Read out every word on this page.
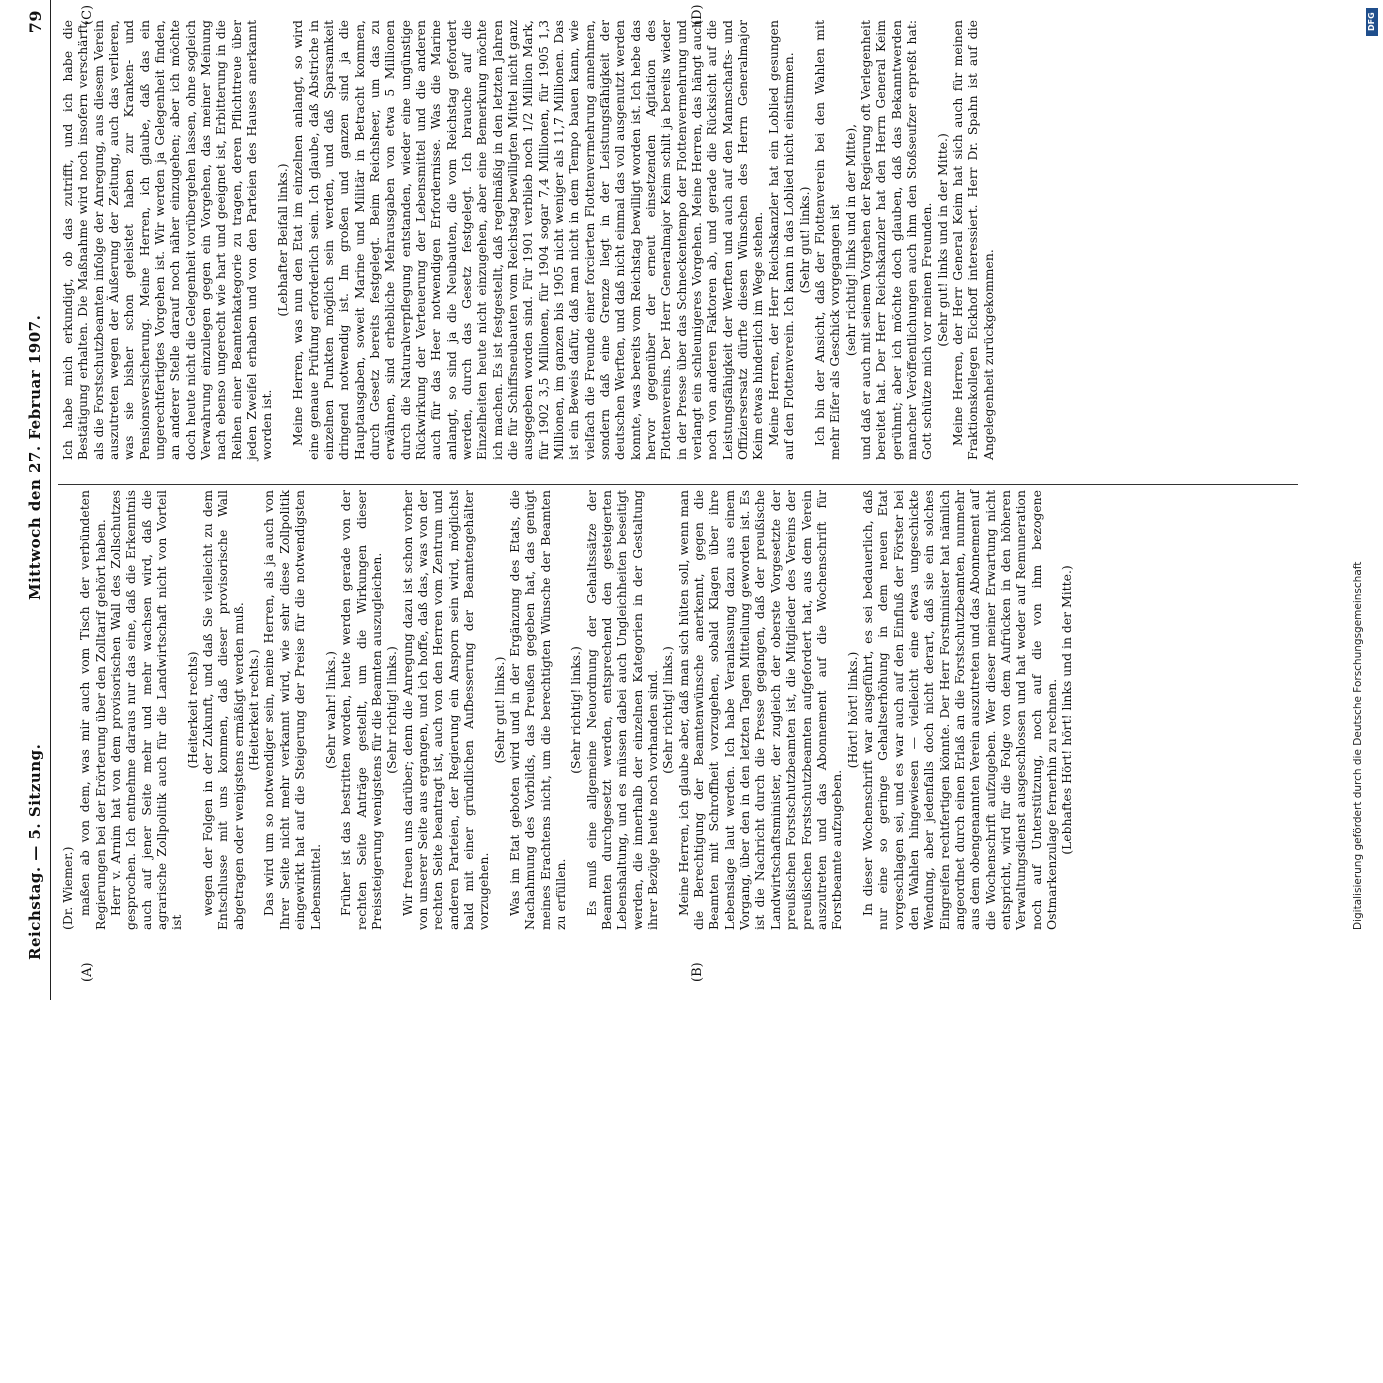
Reichstag. — 5. Sitzung.
Mittwoch den 27. Februar 1907.
79
(A)	(B)
(C)	(D)

(Dr. Wiemer.) maßen ab von dem, was mir auch vom Tisch der verbündeten Regierungen bei der Erörterung über den Zolltarif gehört haben. Herr v. Arnim hat von dem provisorischen Wall des Zollschutzes gesprochen. Ich entnehme daraus nur das eine, daß die Erkenntnis auch auf jener Seite mehr und mehr wachsen wird, daß die agrarische Zollpolitik auch für die Landwirtschaft nicht von Vorteil ist

(Heiterkeit rechts) wegen der Folgen in der Zukunft, und daß Sie vielleicht zu dem Entschlusse mit uns kommen, daß dieser provisorische Wall abgetragen oder wenigstens ermäßigt werden muß. (Heiterkeit rechts.) Das wird um so notwendiger sein, meine Herren, als ja auch von Ihrer Seite nicht mehr verkannt wird, wie sehr diese Zollpolitik eingewirkt hat auf die Steigerung der Preise für die notwendigsten Lebensmittel.

(Sehr wahr! links.) Früher ist das bestritten worden, heute werden gerade von der rechten Seite Anträge gestellt, um die Wirkungen dieser Preissteigerung wenigstens für die Beamten auszugleichen. (Sehr richtig! links.) Wir freuen uns darüber; denn die Anregung dazu ist schon vorher von unserer Seite aus ergangen, und ich hoffe, daß das, was von der rechten Seite beantragt ist, auch von den Herren vom Zentrum und anderen Parteien, der Regierung ein Ansporn sein wird, möglichst bald mit einer gründlichen Aufbesserung der Beamtengehälter vorzugehen.

(Sehr gut! links.) Was im Etat geboten wird und in der Ergänzung des Etats, die Nachahmung des Vorbilds, das Preußen gegeben hat, das genügt meines Erachtens nicht, um die berechtigten Wünsche der Beamten zu erfüllen.

(Sehr richtig! links.) Es muß eine allgemeine Neuordnung der Gehaltssätze der Beamten durchgesetzt werden, entsprechend den gesteigerten Lebenshaltung, und es müssen dabei auch Ungleichheiten beseitigt werden, die innerhalb der einzelnen Kategorien in der Gestaltung ihrer Bezüge heute noch vorhanden sind. (Sehr richtig! links.) Meine Herren, ich glaube aber, daß man sich hüten soll, wenn man die Berechtigung der Beamtenwünsche anerkennt, gegen die Beamten mit Schroffheit vorzugehen, sobald Klagen über ihre Lebenslage laut werden. Ich habe Veranlassung dazu aus einem Vorgang, über den in den letzten Tagen Mitteilung geworden ist. Es ist die Nachricht durch die Presse gegangen, daß der preußische Landwirtschaftsminister, der zugleich der oberste Vorgesetzte der preußischen Forstschutzbeamten ist, die Mitglieder des Vereins der preußischen Forstschutzbeamten aufgefordert hat, aus dem Verein auszutreten und das Abonnement auf die Wochenschrift für Forstbeamte aufzugeben.

(Hört! hört! links.) In dieser Wochenschrift war ausgeführt, es sei bedauerlich, daß nur eine so geringe Gehaltserhöhung in dem neuen Etat vorgeschlagen sei, und es war auch auf den Einfluß der Förster bei den Wahlen hingewiesen — vielleicht eine etwas ungeschickte Wendung, aber jedenfalls doch nicht derart, daß sie ein solches Eingreifen rechtfertigen könnte. Der Herr Forstminister hat nämlich angeordnet durch einen Erlaß an die Forstschutzbeamten, nunmehr aus dem obengenannten Verein auszutreten und das Abonnement auf die Wochenschrift aufzugeben. Wer dieser meiner Erwartung nicht entspricht, wird für die Folge von dem Aufrücken in den höheren Verwaltungsdienst ausgeschlossen und hat weder auf Remuneration noch auf Unterstützung, noch auf die von ihm bezogene Ostmarkenzulage fernerhin zu rechnen. (Lebhaftes Hört! hört! links und in der Mitte.)

Ich habe mich erkundigt, ob das zutrifft, und ich habe die Bestätigung erhalten. Die Maßnahme wird noch insofern verschärft, als die Forstschutzbeamten infolge der Anregung, aus diesem Verein auszutreten wegen der Äußerung der Zeitung, auch das verlieren, was sie bisher schon geleistet haben zur Kranken- und Pensionsversicherung. Meine Herren, ich glaube, daß das ein ungerechtfertigtes Vorgehen ist. Wir werden ja Gelegenheit finden, an anderer Stelle darauf noch näher einzugehen; aber ich möchte doch heute nicht die Gelegenheit vorübergehen lassen, ohne sogleich Verwahrung einzulegen gegen ein Vorgehen, das meiner Meinung nach ebenso ungerecht wie hart und geeignet ist, Erbitterung in die Reihen einer Beamtenkategorie zu tragen, deren Pflichttreue über jeden Zweifel erhaben und von den Parteien des Hauses anerkannt worden ist.

(Lebhafter Beifall links.) Meine Herren, was nun den Etat im einzelnen anlangt, so wird eine genaue Prüfung erforderlich sein. Ich glaube, daß Abstriche in einzelnen Punkten möglich sein werden, und daß Sparsamkeit dringend notwendig ist. Im großen und ganzen sind ja die Hauptausgaben, soweit Marine und Militär in Betracht kommen, durch Gesetz bereits festgelegt. Beim Reichsheer, um das zu erwähnen, sind erhebliche Mehrausgaben von etwa 5 Millionen durch die Naturalverpflegung entstanden, wieder eine ungünstige Rückwirkung der Verteuerung der Lebensmittel und die anderen auch für das Heer notwendigen Erfordernisse. Was die Marine anlangt, so sind ja die Neubauten, die vom Reichstag gefordert werden, durch das Gesetz festgelegt. Ich brauche auf die Einzelheiten heute nicht einzugehen, aber eine Bemerkung möchte ich machen. Es ist festgestellt, daß regelmäßig in den letzten Jahren die für Schiffsneubauten vom Reichstag bewilligten Mittel nicht ganz ausgegeben worden sind. Für 1901 verblieb noch 1/2 Million Mark, für 1902 3,5 Millionen, für 1904 sogar 7,4 Millionen, für 1905 1,3 Millionen, im ganzen bis 1905 nicht weniger als 11,7 Millionen. Das ist ein Beweis dafür, daß man nicht in dem Tempo bauen kann, wie vielfach die Freunde einer forcierten Flottenvermehrung annehmen, sondern daß eine Grenze liegt in der Leistungsfähigkeit der deutschen Werften, und daß nicht einmal das voll ausgenutzt werden konnte, was bereits vom Reichstag bewilligt worden ist. Ich hebe das hervor gegenüber der erneut einsetzenden Agitation des Flottenvereins. Der Herr Generalmajor Keim schilt ja bereits wieder in der Presse über das Schneckentempo der Flottenvermehrung und verlangt ein schleunigeres Vorgehen. Meine Herren, das hängt auch noch von anderen Faktoren ab, und gerade die Rücksicht auf die Leistungsfähigkeit der Werften und auch auf den Mannschafts- und Offiziersersatz dürfte diesen Wünschen des Herrn Generalmajor Keim etwas hinderlich im Wege stehen. Meine Herren, der Herr Reichskanzler hat ein Loblied gesungen auf den Flottenverein. Ich kann in das Loblied nicht einstimmen. (Sehr gut! links.) Ich bin der Ansicht, daß der Flottenverein bei den Wahlen mit mehr Eifer als Geschick vorgegangen ist (sehr richtig! links und in der Mitte), und daß er auch mit seinem Vorgehen der Regierung oft Verlegenheit bereitet hat. Der Herr Reichskanzler hat den Herrn General Keim gerühmt; aber ich möchte doch glauben, daß das Bekanntwerden mancher Veröffentlichungen auch ihm den Stoßseufzer erpreßt hat: Gott schütze mich vor meinen Freunden. (Sehr gut! links und in der Mitte.) Meine Herren, der Herr General Keim hat sich auch für meinen Fraktionskollegen Eickhoff interessiert. Herr Dr. Spahn ist auf die Angelegenheit zurückgekommen.

DFG
Digitalisierung gefördert durch die Deutsche Forschungsgemeinschaft
